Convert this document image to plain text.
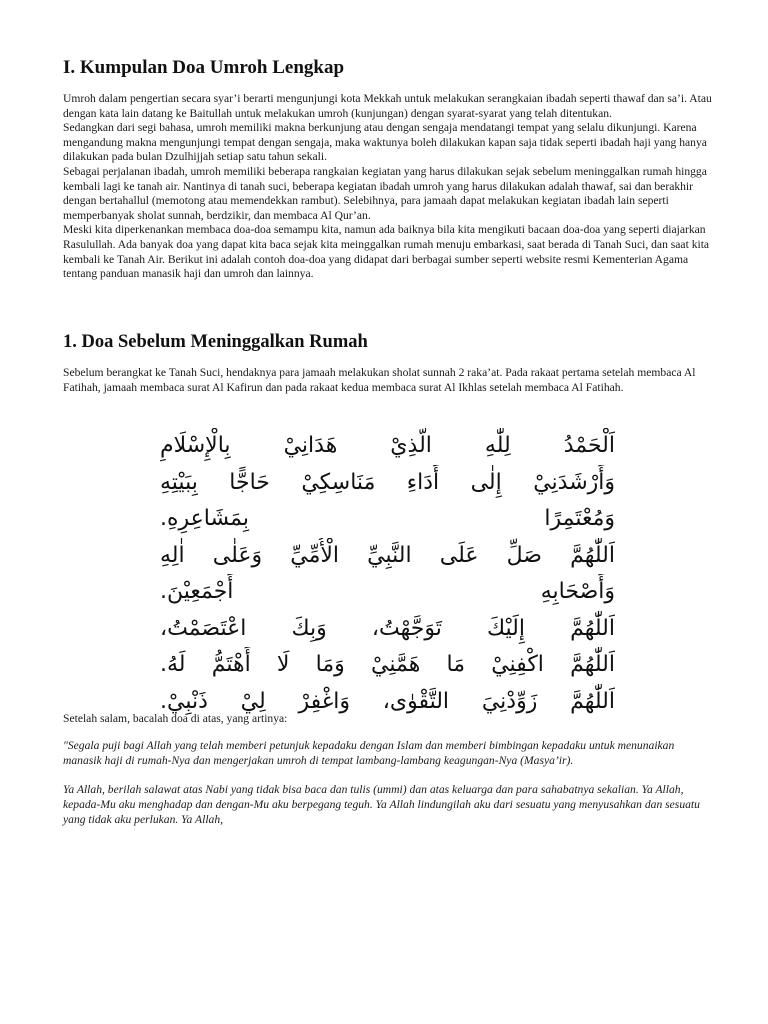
I. Kumpulan Doa Umroh Lengkap

Umroh dalam pengertian secara syar’i berarti mengunjungi kota Mekkah untuk melakukan serangkaian ibadah seperti thawaf dan sa’i. Atau dengan kata lain datang ke Baitullah untuk melakukan umroh (kunjungan) dengan syarat-syarat yang telah ditentukan.

Sedangkan dari segi bahasa, umroh memiliki makna berkunjung atau dengan sengaja mendatangi tempat yang selalu dikunjungi. Karena mengandung makna mengunjungi tempat dengan sengaja, maka waktunya boleh dilakukan kapan saja tidak seperti ibadah haji yang hanya dilakukan pada bulan Dzulhijjah setiap satu tahun sekali.

Sebagai perjalanan ibadah, umroh memiliki beberapa rangkaian kegiatan yang harus dilakukan sejak sebelum meninggalkan rumah hingga kembali lagi ke tanah air. Nantinya di tanah suci, beberapa kegiatan ibadah umroh yang harus dilakukan adalah thawaf, sai dan berakhir dengan bertahallul (memotong atau memendekkan rambut). Selebihnya, para jamaah dapat melakukan kegiatan ibadah lain seperti memperbanyak sholat sunnah, berdzikir, dan membaca Al Qur’an.

Meski kita diperkenankan membaca doa-doa semampu kita, namun ada baiknya bila kita mengikuti bacaan doa-doa yang seperti diajarkan Rasulullah. Ada banyak doa yang dapat kita baca sejak kita meinggalkan rumah menuju embarkasi, saat berada di Tanah Suci, dan saat kita kembali ke Tanah Air. Berikut ini adalah contoh doa-doa yang didapat dari berbagai sumber seperti website resmi Kementerian Agama tentang panduan manasik haji dan umroh dan lainnya.

1. Doa Sebelum Meninggalkan Rumah

Sebelum berangkat ke Tanah Suci, hendaknya para jamaah melakukan sholat sunnah 2 raka’at. Pada rakaat pertama setelah membaca Al Fatihah, jamaah membaca surat Al Kafirun dan pada rakaat kedua membaca surat Al Ikhlas setelah membaca Al Fatihah.

اَلْحَمْدُ لِلّٰهِ الَّذِيْ هَدَانِيْ بِالْإِسْلَامِ
وَأَرْشَدَنِيْ إِلٰى أَدَاءِ مَنَاسِكِيْ حَاجًّا بِبَيْتِهِ
وَمُعْتَمِرًا بِمَشَاعِرِهِ.
اَللّٰهُمَّ صَلِّ عَلَى النَّبِيِّ الْأُمِّيِّ وَعَلٰى اٰلِهِ
وَأَصْحَابِهِ أَجْمَعِيْنَ.
اَللّٰهُمَّ إِلَيْكَ تَوَجَّهْتُ، وَبِكَ اعْتَصَمْتُ،
اَللّٰهُمَّ اكْفِنِيْ مَا هَمَّنِيْ وَمَا لَا أَهْتَمُّ لَهُ.
اَللّٰهُمَّ زَوِّدْنِيَ التَّقْوٰى، وَاغْفِرْ لِيْ ذَنْبِيْ.
Setelah salam, bacalah doa di atas, yang artinya:

"Segala puji bagi Allah yang telah memberi petunjuk kepadaku dengan Islam dan memberi bimbingan kepadaku untuk menunaikan manasik haji di rumah-Nya dan mengerjakan umroh di tempat lambang-lambang keagungan-Nya (Masya’ir).

Ya Allah, berilah salawat atas Nabi yang tidak bisa baca dan tulis (ummi) dan atas keluarga dan para sahabatnya sekalian. Ya Allah, kepada-Mu aku menghadap dan dengan-Mu aku berpegang teguh. Ya Allah lindungilah aku dari sesuatu yang menyusahkan dan sesuatu yang tidak aku perlukan. Ya Allah,
